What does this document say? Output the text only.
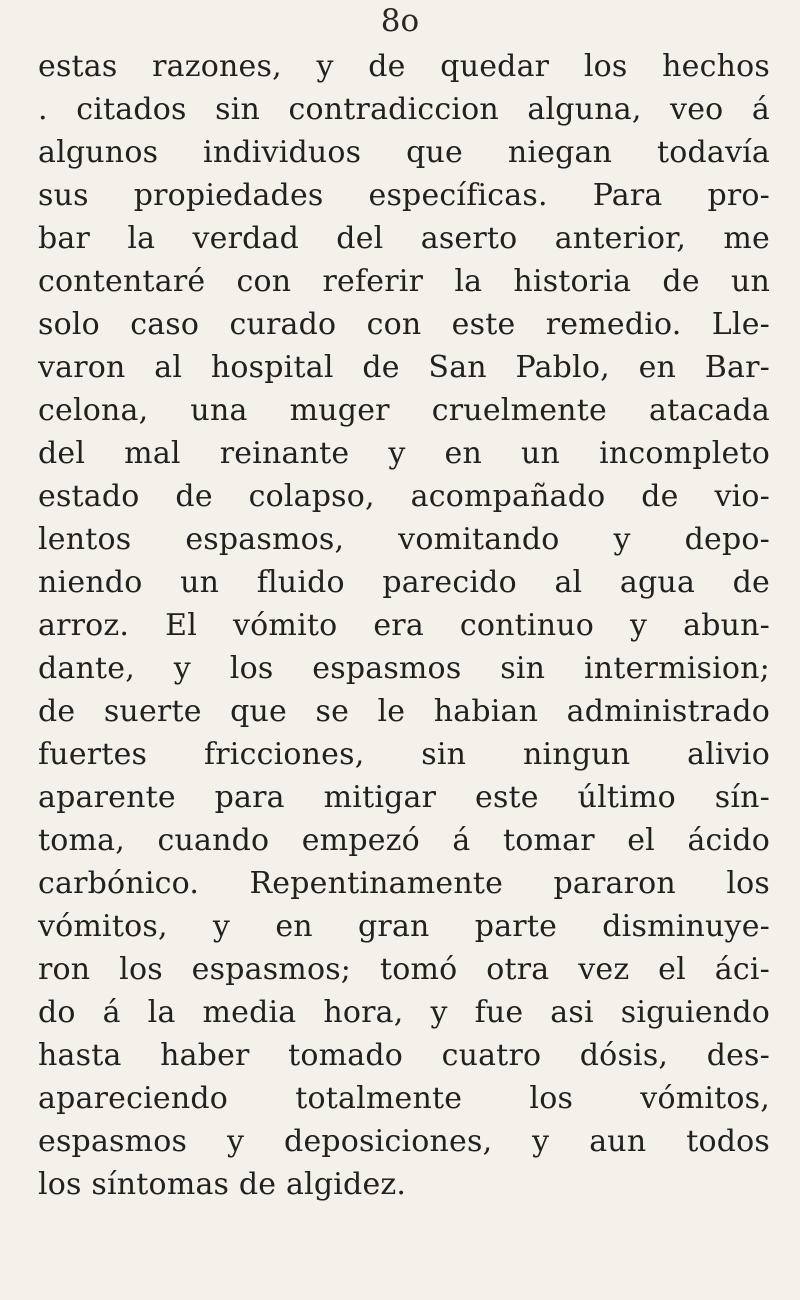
8o
estas razones, y de quedar los hechos
. citados sin contradiccion alguna, veo á
algunos individuos que niegan todavía
sus propiedades específicas. Para pro-
bar la verdad del aserto anterior, me
contentaré con referir la historia de un
solo caso curado con este remedio. Lle-
varon al hospital de San Pablo, en Bar-
celona, una muger cruelmente atacada
del mal reinante y en un incompleto
estado de colapso, acompañado de vio-
lentos espasmos, vomitando y depo-
niendo un fluido parecido al agua de
arroz. El vómito era continuo y abun-
dante, y los espasmos sin intermision;
de suerte que se le habian administrado
fuertes fricciones, sin ningun alivio
aparente para mitigar este último sín-
toma, cuando empezó á tomar el ácido
carbónico. Repentinamente pararon los
vómitos, y en gran parte disminuye-
ron los espasmos; tomó otra vez el áci-
do á la media hora, y fue asi siguiendo
hasta haber tomado cuatro dósis, des-
apareciendo totalmente los vómitos,
espasmos y deposiciones, y aun todos
los síntomas de algidez.
